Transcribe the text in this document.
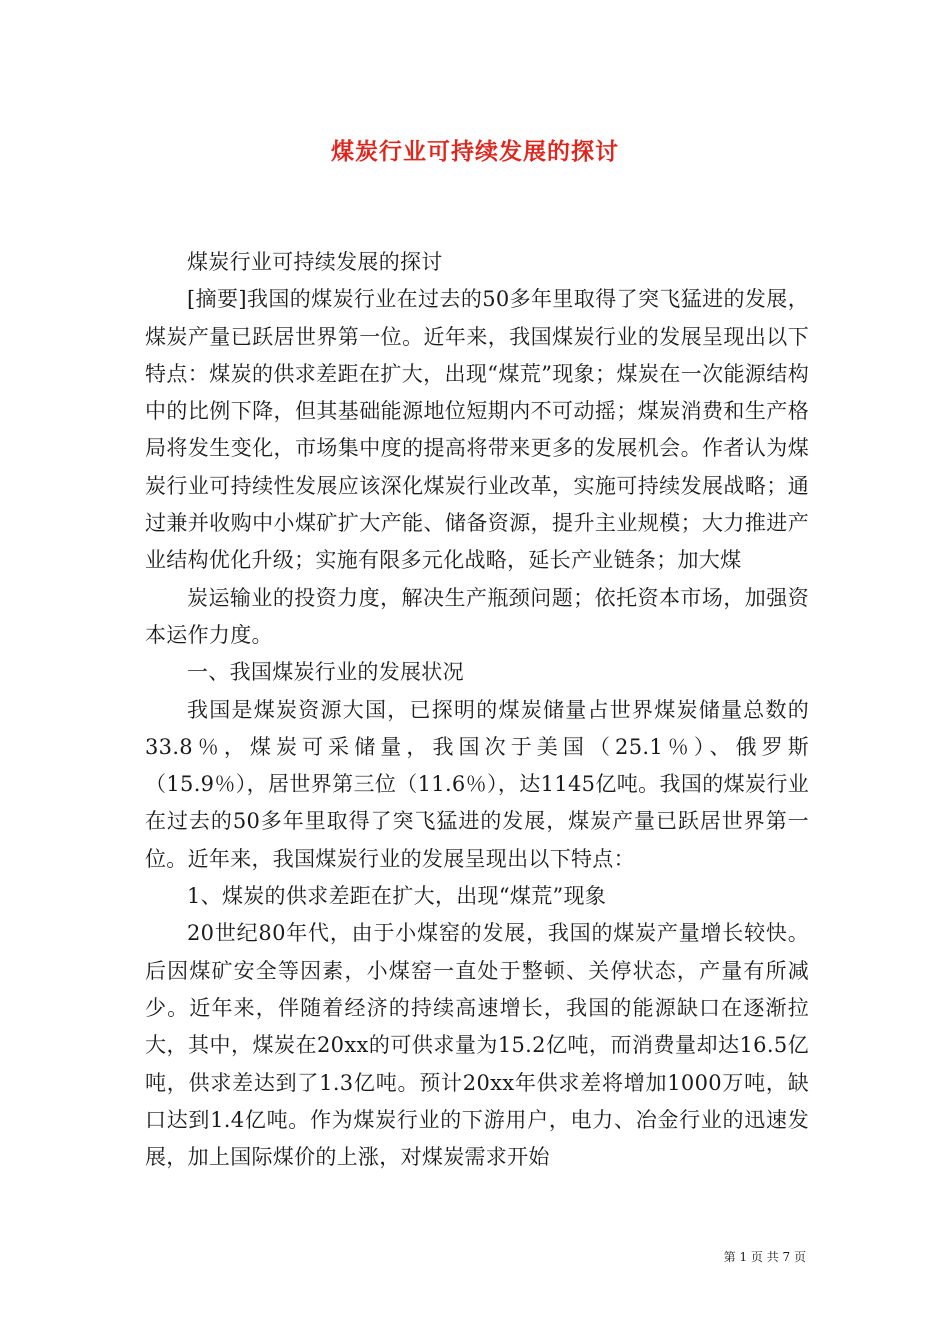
煤炭行业可持续发展的探讨

煤炭行业可持续发展的探讨

[摘要]我国的煤炭行业在过去的50多年里取得了突飞猛进的发展，煤炭产量已跃居世界第一位。近年来，我国煤炭行业的发展呈现出以下特点：煤炭的供求差距在扩大，出现“煤荒”现象；煤炭在一次能源结构中的比例下降，但其基础能源地位短期内不可动摇；煤炭消费和生产格局将发生变化，市场集中度的提高将带来更多的发展机会。作者认为煤炭行业可持续性发展应该深化煤炭行业改革，实施可持续发展战略；通过兼并收购中小煤矿扩大产能、储备资源，提升主业规模；大力推进产业结构优化升级；实施有限多元化战略，延长产业链条；加大煤

炭运输业的投资力度，解决生产瓶颈问题；依托资本市场，加强资本运作力度。

一、我国煤炭行业的发展状况

我国是煤炭资源大国，已探明的煤炭储量占世界煤炭储量总数的33.8％，煤炭可采储量，我国次于美国（25.1％）、俄罗斯（15.9％），居世界第三位（11.6％），达1145亿吨。我国的煤炭行业在过去的50多年里取得了突飞猛进的发展，煤炭产量已跃居世界第一位。近年来，我国煤炭行业的发展呈现出以下特点：

1、煤炭的供求差距在扩大，出现“煤荒”现象

20世纪80年代，由于小煤窑的发展，我国的煤炭产量增长较快。后因煤矿安全等因素，小煤窑一直处于整顿、关停状态，产量有所减少。近年来，伴随着经济的持续高速增长，我国的能源缺口在逐渐拉大，其中，煤炭在20xx的可供求量为15.2亿吨，而消费量却达16.5亿吨，供求差达到了1.3亿吨。预计20xx年供求差将增加1000万吨，缺口达到1.4亿吨。作为煤炭行业的下游用户，电力、冶金行业的迅速发展，加上国际煤价的上涨，对煤炭需求开始

第 1 页 共 7 页
